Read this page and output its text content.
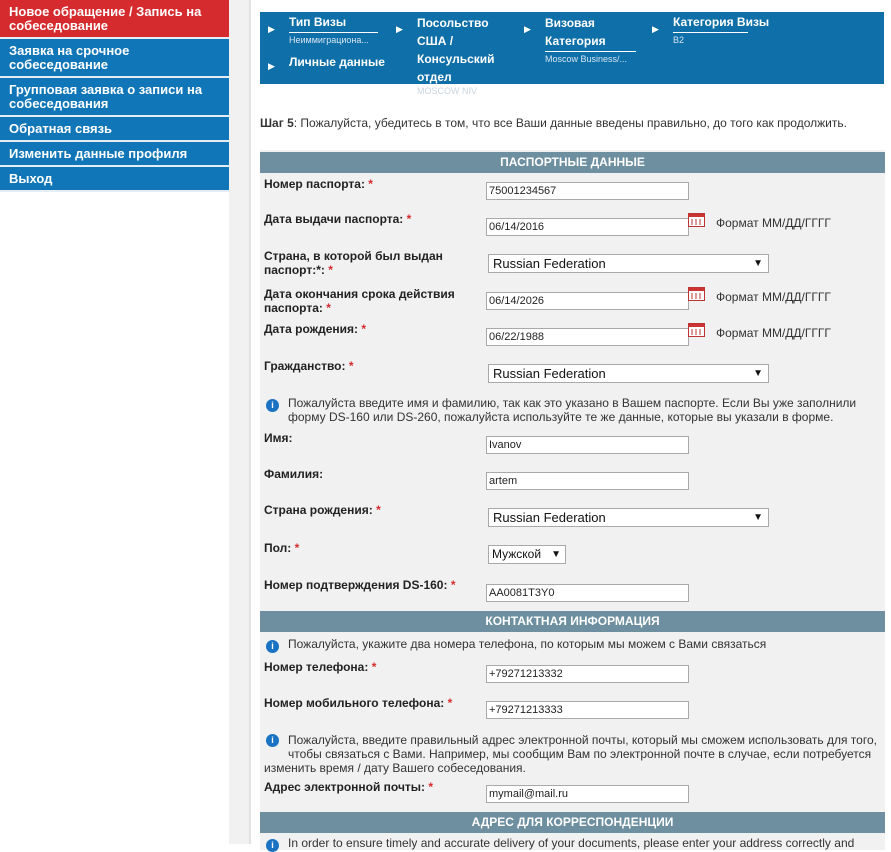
Новое обращение / Запись на собеседование
Заявка на срочное собеседование
Групповая заявка о записи на собеседования
Обратная связь
Изменить данные профиля
Выход
▶ Тип Визы
Неиммиграциона...
▶ Личные данные
▶ Посольство США / Консульский отдел
▶ Визовая Категория
Moscow Business/...
▶ Категория Визы
B2
MOSCOW NIV
Шаг 5: Пожалуйста, убедитесь в том, что все Ваши данные введены правильно, до того как продолжить.
ПАСПОРТНЫЕ ДАННЫЕ
Номер паспорта: *	75001234567
Дата выдачи паспорта: *
06/14/2016	Формат ММ/ДД/ГГГГ
Страна, в которой был выдан паспорт:*: *	Russian Federation	▼
Дата окончания срока действия паспорта: *	06/14/2026	Формат ММ/ДД/ГГГГ
Дата рождения: *
06/22/1988	Формат ММ/ДД/ГГГГ
Гражданство: *	Russian Federation	▼
i Пожалуйста введите имя и фамилию, так как это указано в Вашем паспорте. Если Вы уже заполнили форму DS-160 или DS-260, пожалуйста используйте те же данные, которые вы указали в форме.
Имя:	Ivanov
Фамилия:	artem
Страна рождения: *	Russian Federation	▼
Пол: *	Мужской ▼
Номер подтверждения DS-160: *
AA0081T3Y0
КОНТАКТНАЯ ИНФОРМАЦИЯ
i Пожалуйста, укажите два номера телефона, по которым мы можем с Вами связаться
Номер телефона: *	+79271213332
Номер мобильного телефона: *	+79271213333
i	Пожалуйста, введите правильный адрес электронной почты, который мы сможем использовать для того,
чтобы связаться с Вами. Например, мы сообщим Вам по электронной почте в случае, если потребуется
изменить время / дату Вашего собеседования.
Адрес электронной почты: *	mymail@mail.ru
АДРЕС ДЛЯ КОРРЕСПОНДЕНЦИИ
i In order to ensure timely and accurate delivery of your documents, please enter your address correctly and
